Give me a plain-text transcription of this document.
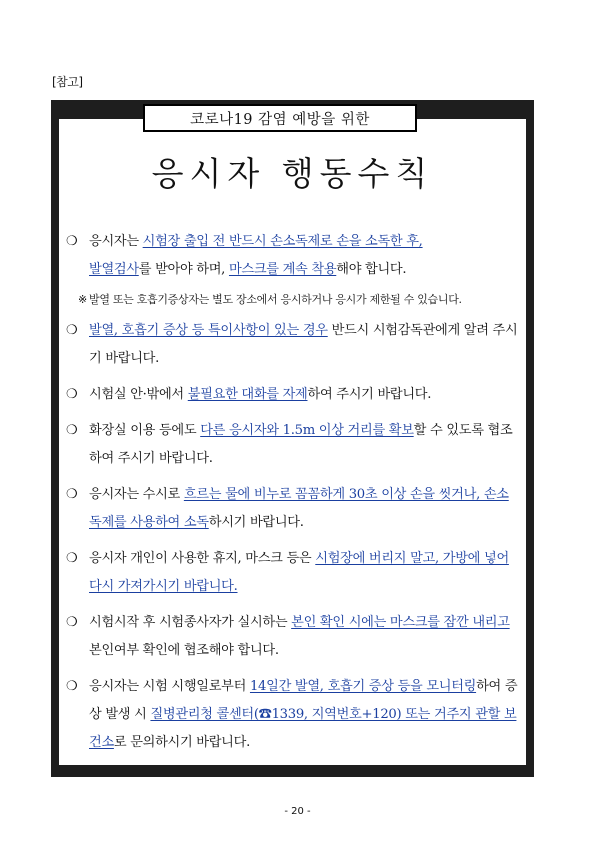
[참고]
코로나19 감염 예방을 위한
응시자 행동수칙
❍ 응시자는 시험장 출입 전 반드시 손소독제로 손을 소독한 후,
발열검사를 받아야 하며, 마스크를 계속 착용해야 합니다.
※ 발열 또는 호흡기증상자는 별도 장소에서 응시하거나 응시가 제한될 수 있습니다.
❍ 발열, 호흡기 증상 등 특이사항이 있는 경우 반드시 시험감독관에게 알려 주시기 바랍니다.
❍ 시험실 안·밖에서 불필요한 대화를 자제하여 주시기 바랍니다.
❍ 화장실 이용 등에도 다른 응시자와 1.5m 이상 거리를 확보할 수 있도록 협조하여 주시기 바랍니다.
❍ 응시자는 수시로 흐르는 물에 비누로 꼼꼼하게 30초 이상 손을 씻거나, 손소독제를 사용하여 소독하시기 바랍니다.
❍ 응시자 개인이 사용한 휴지, 마스크 등은 시험장에 버리지 말고, 가방에 넣어 다시 가져가시기 바랍니다.
❍ 시험시작 후 시험종사자가 실시하는 본인 확인 시에는 마스크를 잠깐 내리고 본인여부 확인에 협조해야 합니다.
❍ 응시자는 시험 시행일로부터 14일간 발열, 호흡기 증상 등을 모니터링하여 증상 발생 시 질병관리청 콜센터(☎1339, 지역번호+120) 또는 거주지 관할 보건소로 문의하시기 바랍니다.
- 20 -
